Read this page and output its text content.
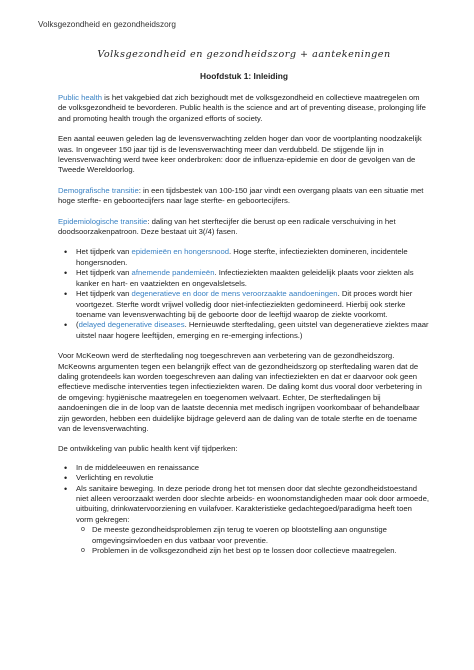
Volksgezondheid en gezondheidszorg
Volksgezondheid en gezondheidszorg + aantekeningen
Hoofdstuk 1: Inleiding

Public health is het vakgebied dat zich bezighoudt met de volksgezondheid en collectieve maatregelen om de volksgezondheid te bevorderen. Public health is the science and art of preventing disease, prolonging life and promoting health trough the organized efforts of society.

Een aantal eeuwen geleden lag de levensverwachting zelden hoger dan voor de voortplanting noodzakelijk was. In ongeveer 150 jaar tijd is de levensverwachting meer dan verdubbeld. De stijgende lijn in levensverwachting werd twee keer onderbroken: door de influenza-epidemie en door de gevolgen van de Tweede Wereldoorlog.

Demografische transitie: in een tijdsbestek van 100-150 jaar vindt een overgang plaats van een situatie met hoge sterfte- en geboortecijfers naar lage sterfte- en geboortecijfers.

Epidemiologische transitie: daling van het sterftecijfer die berust op een radicale verschuiving in het doodsoorzakenpatroon. Deze bestaat uit 3(/4) fasen.

• Het tijdperk van epidemieën en hongersnood. Hoge sterfte, infectieziekten domineren, incidentele hongersnoden.
• Het tijdperk van afnemende pandemieën. Infectieziekten maakten geleidelijk plaats voor ziekten als kanker en hart- en vaatziekten en ongevalsletsels.
• Het tijdperk van degeneratieve en door de mens veroorzaakte aandoeningen. Dit proces wordt hier voortgezet. Sterfte wordt vrijwel volledig door niet-infectieziekten gedomineerd. Hierbij ook sterke toename van levensverwachting bij de geboorte door de leeftijd waarop de ziekte voorkomt.
• (delayed degenerative diseases. Hernieuwde sterftedaling, geen uitstel van degeneratieve ziektes maar uitstel naar hogere leeftijden, emerging en re-emerging infections.)

Voor McKeown werd de sterftedaling nog toegeschreven aan verbetering van de gezondheidszorg. McKeowns argumenten tegen een belangrijk effect van de gezondheidszorg op sterftedaling waren dat de daling grotendeels kan worden toegeschreven aan daling van infectieziekten en dat er daarvoor ook geen effectieve medische interventies tegen infectieziekten waren. De daling komt dus vooral door verbetering in de omgeving: hygiënische maatregelen en toegenomen welvaart. Echter, De sterftedalingen bij aandoeningen die in de loop van de laatste decennia met medisch ingrijpen voorkombaar of behandelbaar zijn geworden, hebben een duidelijke bijdrage geleverd aan de daling van de totale sterfte en de toename van de levensverwachting.

De ontwikkeling van public health kent vijf tijdperken:

• In de middeleeuwen en renaissance
• Verlichting en revolutie
• Als sanitaire beweging. In deze periode drong het tot mensen door dat slechte gezondheidstoestand niet alleen veroorzaakt werden door slechte arbeids- en woonomstandigheden maar ook door armoede, uitbuiting, drinkwatervoorziening en vuilafvoer. Karakteristieke gedachtegoed/paradigma heeft toen vorm gekregen:
o De meeste gezondheidsproblemen zijn terug te voeren op blootstelling aan ongunstige omgevingsinvloeden en dus vatbaar voor preventie.
o Problemen in de volksgezondheid zijn het best op te lossen door collectieve maatregelen.
